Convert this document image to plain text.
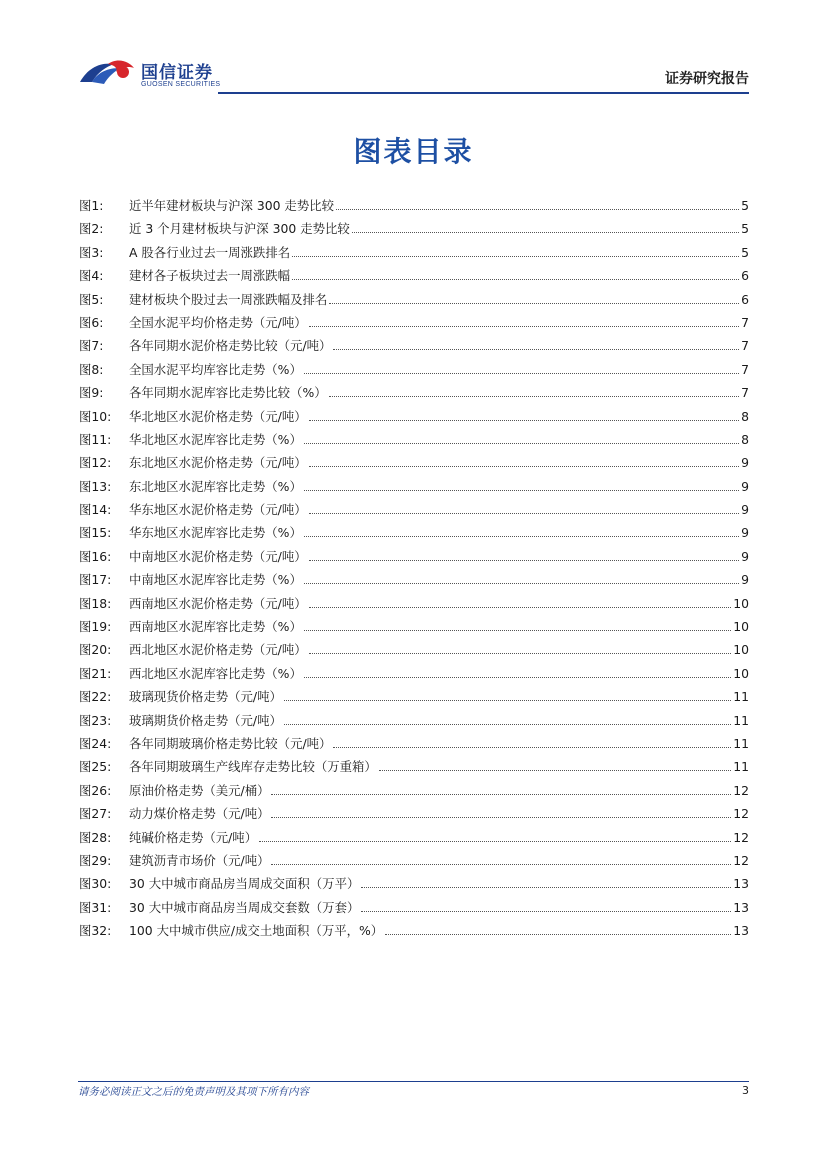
国信证券
GUOSEN SECURITIES	证券研究报告
图表目录
图1:	近半年建材板块与沪深 300 走势比较	5
图2:	近 3 个月建材板块与沪深 300 走势比较	5
图3:	A 股各行业过去一周涨跌排名	5
图4:	建材各子板块过去一周涨跌幅	6
图5:	建材板块个股过去一周涨跌幅及排名	6
图6:	全国水泥平均价格走势（元/吨）	7
图7:	各年同期水泥价格走势比较（元/吨）	7
图8:	全国水泥平均库容比走势（%）	7
图9:	各年同期水泥库容比走势比较（%）	7
图10:	华北地区水泥价格走势（元/吨）	8
图11:	华北地区水泥库容比走势（%）	8
图12:	东北地区水泥价格走势（元/吨）	9
图13:	东北地区水泥库容比走势（%）	9
图14:	华东地区水泥价格走势（元/吨）	9
图15:	华东地区水泥库容比走势（%）	9
图16:	中南地区水泥价格走势（元/吨）	9
图17:	中南地区水泥库容比走势（%）	9
图18:	西南地区水泥价格走势（元/吨）	10
图19:	西南地区水泥库容比走势（%）	10
图20:	西北地区水泥价格走势（元/吨）	10
图21:	西北地区水泥库容比走势（%）	10
图22:	玻璃现货价格走势（元/吨）	11
图23:	玻璃期货价格走势（元/吨）	11
图24:	各年同期玻璃价格走势比较（元/吨）	11
图25:	各年同期玻璃生产线库存走势比较（万重箱）	11
图26:	原油价格走势（美元/桶）	12
图27:	动力煤价格走势（元/吨）	12
图28:	纯碱价格走势（元/吨）	12
图29:	建筑沥青市场价（元/吨）	12
图30:	30 大中城市商品房当周成交面积（万平）	13
图31:	30 大中城市商品房当周成交套数（万套）	13
图32:	100 大中城市供应/成交土地面积（万平，%）	13
请务必阅读正文之后的免责声明及其项下所有内容	3
